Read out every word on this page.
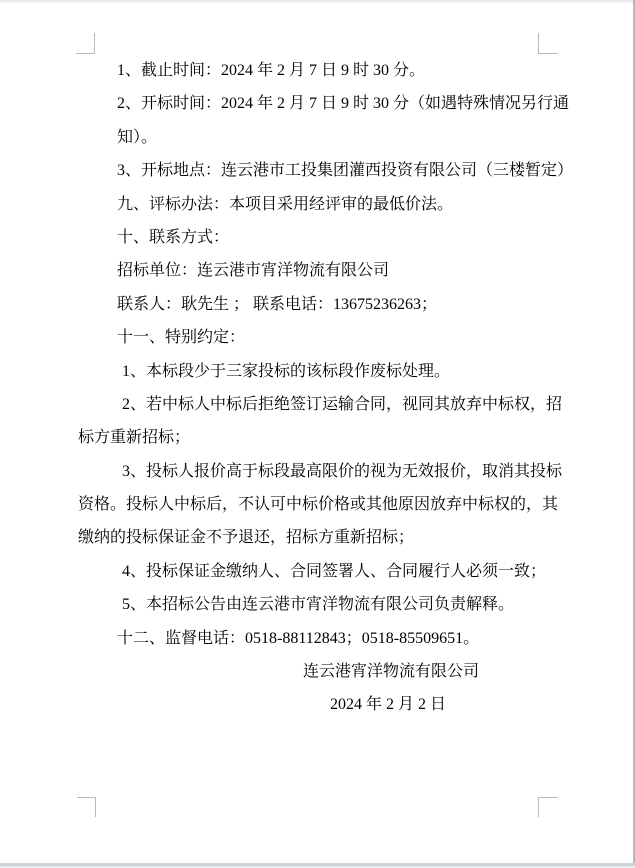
1、截止时间：2024 年 2 月 7 日 9 时 30 分。
2、开标时间：2024 年 2 月 7 日 9 时 30 分（如遇特殊情况另行通
知）。
3、开标地点：连云港市工投集团灌西投资有限公司（三楼暂定）
九、评标办法：本项目采用经评审的最低价法。
十、联系方式：
招标单位：连云港市宵洋物流有限公司
联系人：耿先生 ； 联系电话：13675236263；
十一、特别约定：
1、本标段少于三家投标的该标段作废标处理。
2、若中标人中标后拒绝签订运输合同，视同其放弃中标权，招
标方重新招标；
3、投标人报价高于标段最高限价的视为无效报价，取消其投标
资格。投标人中标后，不认可中标价格或其他原因放弃中标权的，其
缴纳的投标保证金不予退还，招标方重新招标；
4、投标保证金缴纳人、合同签署人、合同履行人必须一致；
5、本招标公告由连云港市宵洋物流有限公司负责解释。
十二、监督电话：0518-88112843；0518-85509651。
连云港宵洋物流有限公司
2024 年 2 月 2 日
